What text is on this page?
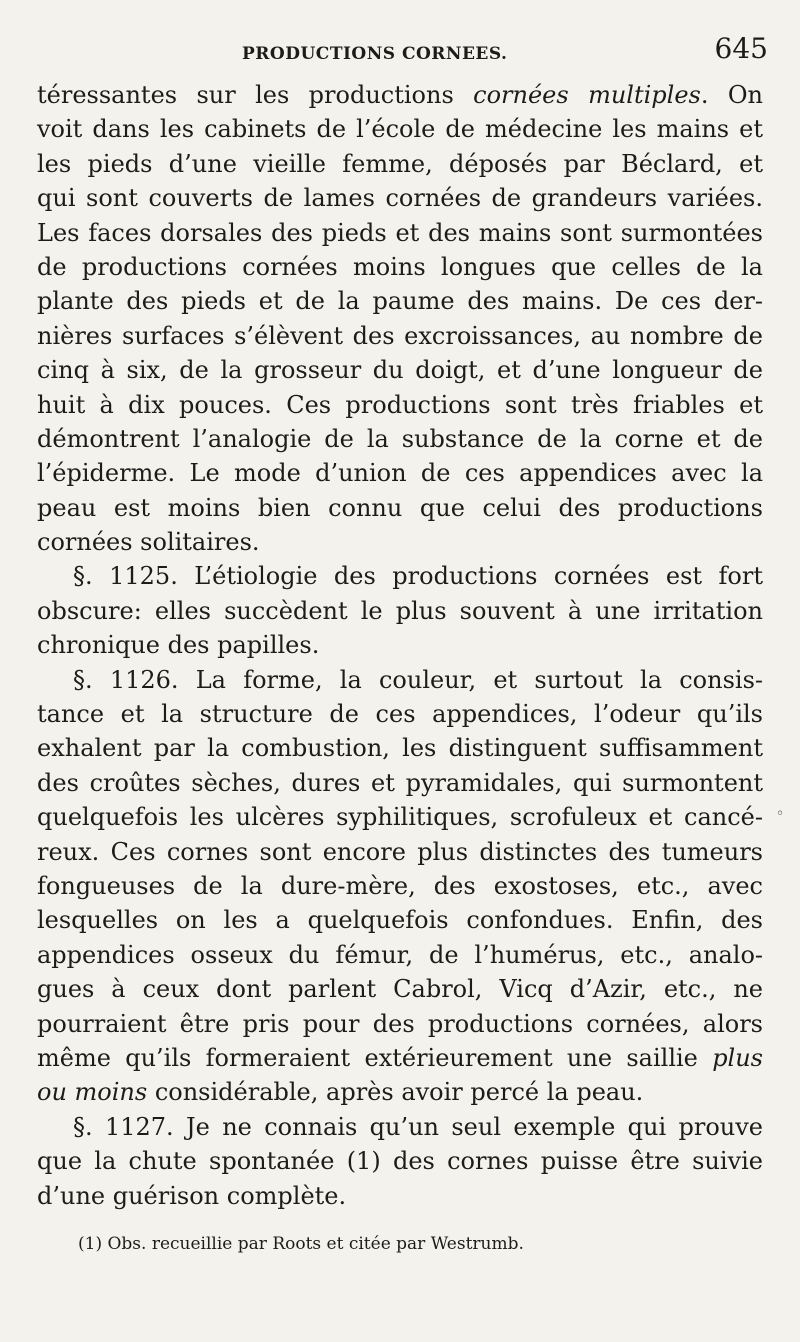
PRODUCTIONS CORNEES.	645
téressantes sur les productions cornées multiples. On
voit dans les cabinets de l’école de médecine les mains et
les pieds d’une vieille femme, déposés par Béclard, et
qui sont couverts de lames cornées de grandeurs variées.
Les faces dorsales des pieds et des mains sont surmontées
de productions cornées moins longues que celles de la
plante des pieds et de la paume des mains. De ces der-
nières surfaces s’élèvent des excroissances, au nombre de
cinq à six, de la grosseur du doigt, et d’une longueur de
huit à dix pouces. Ces productions sont très friables et
démontrent l’analogie de la substance de la corne et de
l’épiderme. Le mode d’union de ces appendices avec la
peau est moins bien connu que celui des productions
cornées solitaires.
§. 1125. L’étiologie des productions cornées est fort
obscure: elles succèdent le plus souvent à une irritation
chronique des papilles.
§. 1126. La forme, la couleur, et surtout la consis-
tance et la structure de ces appendices, l’odeur qu’ils
exhalent par la combustion, les distinguent suffisamment
des croûtes sèches, dures et pyramidales, qui surmontent
quelquefois les ulcères syphilitiques, scrofuleux et cancé-
reux. Ces cornes sont encore plus distinctes des tumeurs
fongueuses de la dure-mère, des exostoses, etc., avec
lesquelles on les a quelquefois confondues. Enfin, des
appendices osseux du fémur, de l’humérus, etc., analo-
gues à ceux dont parlent Cabrol, Vicq d’Azir, etc., ne
pourraient être pris pour des productions cornées, alors
même qu’ils formeraient extérieurement une saillie plus
ou moins considérable, après avoir percé la peau.
§. 1127. Je ne connais qu’un seul exemple qui prouve
que la chute spontanée (1) des cornes puisse être suivie
d’une guérison complète.
◦
(1) Obs. recueillie par Roots et citée par Westrumb.
